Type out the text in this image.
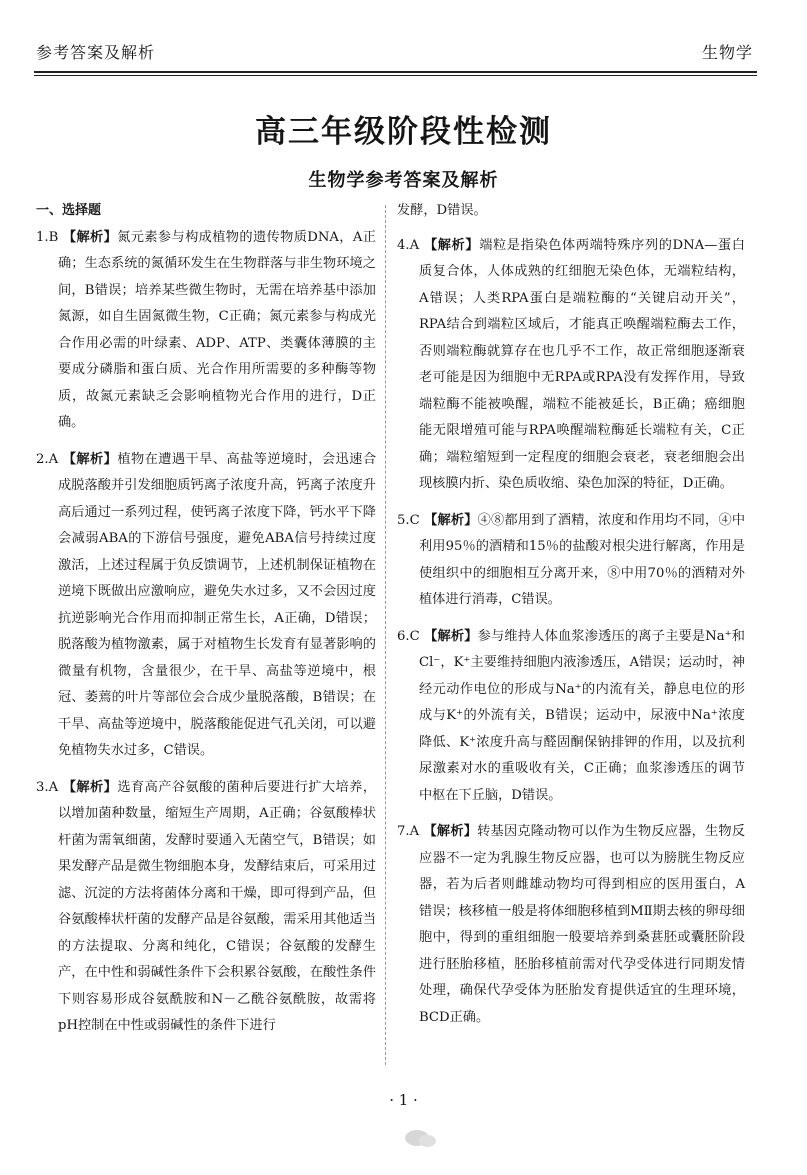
参考答案及解析	生物学
高三年级阶段性检测
生物学参考答案及解析
一、选择题
1.B 【解析】氮元素参与构成植物的遗传物质DNA，A正确；生态系统的氮循环发生在生物群落与非生物环境之间，B错误；培养某些微生物时，无需在培养基中添加氮源，如自生固氮微生物，C正确；氮元素参与构成光合作用必需的叶绿素、ADP、ATP、类囊体薄膜的主要成分磷脂和蛋白质、光合作用所需要的多种酶等物质，故氮元素缺乏会影响植物光合作用的进行，D正确。
2.A 【解析】植物在遭遇干旱、高盐等逆境时，会迅速合成脱落酸并引发细胞质钙离子浓度升高，钙离子浓度升高后通过一系列过程，使钙离子浓度下降，钙水平下降会减弱ABA的下游信号强度，避免ABA信号持续过度激活，上述过程属于负反馈调节，上述机制保证植物在逆境下既做出应激响应，避免失水过多，又不会因过度抗逆影响光合作用而抑制正常生长，A正确，D错误；脱落酸为植物激素，属于对植物生长发育有显著影响的微量有机物，含量很少，在干旱、高盐等逆境中，根冠、萎蔫的叶片等部位会合成少量脱落酸，B错误；在干旱、高盐等逆境中，脱落酸能促进气孔关闭，可以避免植物失水过多，C错误。
3.A 【解析】选育高产谷氨酸的菌种后要进行扩大培养，以增加菌种数量，缩短生产周期，A正确；谷氨酸棒状杆菌为需氧细菌，发酵时要通入无菌空气，B错误；如果发酵产品是微生物细胞本身，发酵结束后，可采用过滤、沉淀的方法将菌体分离和干燥，即可得到产品，但谷氨酸棒状杆菌的发酵产品是谷氨酸，需采用其他适当的方法提取、分离和纯化，C错误；谷氨酸的发酵生产，在中性和弱碱性条件下会积累谷氨酸，在酸性条件下则容易形成谷氨酰胺和N－乙酰谷氨酰胺，故需将pH控制在中性或弱碱性的条件下进行
发酵，D错误。
4.A 【解析】端粒是指染色体两端特殊序列的DNA—蛋白质复合体，人体成熟的红细胞无染色体，无端粒结构，A错误；人类RPA蛋白是端粒酶的“关键启动开关”，RPA结合到端粒区域后，才能真正唤醒端粒酶去工作，否则端粒酶就算存在也几乎不工作，故正常细胞逐渐衰老可能是因为细胞中无RPA或RPA没有发挥作用，导致端粒酶不能被唤醒，端粒不能被延长，B正确；癌细胞能无限增殖可能与RPA唤醒端粒酶延长端粒有关，C正确；端粒缩短到一定程度的细胞会衰老，衰老细胞会出现核膜内折、染色质收缩、染色加深的特征，D正确。
5.C 【解析】④⑧都用到了酒精，浓度和作用均不同，④中利用95％的酒精和15％的盐酸对根尖进行解离，作用是使组织中的细胞相互分离开来，⑧中用70％的酒精对外植体进行消毒，C错误。
6.C 【解析】参与维持人体血浆渗透压的离子主要是Na⁺和Cl⁻，K⁺主要维持细胞内液渗透压，A错误；运动时，神经元动作电位的形成与Na⁺的内流有关，静息电位的形成与K⁺的外流有关，B错误；运动中，尿液中Na⁺浓度降低、K⁺浓度升高与醛固酮保钠排钾的作用，以及抗利尿激素对水的重吸收有关，C正确；血浆渗透压的调节中枢在下丘脑，D错误。
7.A 【解析】转基因克隆动物可以作为生物反应器，生物反应器不一定为乳腺生物反应器，也可以为膀胱生物反应器，若为后者则雌雄动物均可得到相应的医用蛋白，A错误；核移植一般是将体细胞移植到MⅡ期去核的卵母细胞中，得到的重组细胞一般要培养到桑葚胚或囊胚阶段进行胚胎移植，胚胎移植前需对代孕受体进行同期发情处理，确保代孕受体为胚胎发育提供适宜的生理环境，BCD正确。
· 1 ·
